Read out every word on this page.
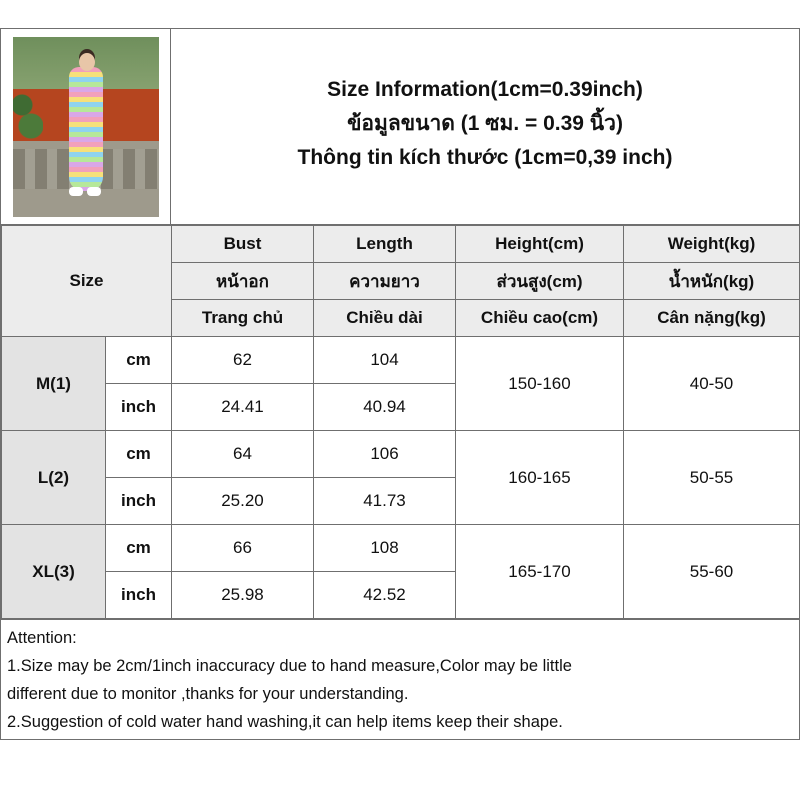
Size Information(1cm=0.39inch)
ข้อมูลขนาด (1 ซม. = 0.39 นิ้ว)
Thông tin kích thước (1cm=0,39 inch)
Size		Bust	Length	Height(cm)	Weight(kg)
		หน้าอก	ความยาว	ส่วนสูง(cm)	น้ำหนัก(kg)
		Trang chủ	Chiều dài	Chiều cao(cm)	Cân nặng(kg)
M(1)	cm	62	104	150-160	40-50
	inch	24.41	40.94		
L(2)	cm	64	106	160-165	50-55
	inch	25.20	41.73		
XL(3)	cm	66	108	165-170	55-60
	inch	25.98	42.52		
Attention:
1.Size may be 2cm/1inch inaccuracy due to hand measure,Color may be little
different due to monitor ,thanks for your understanding.
2.Suggestion of cold water hand washing,it can help items keep their shape.
